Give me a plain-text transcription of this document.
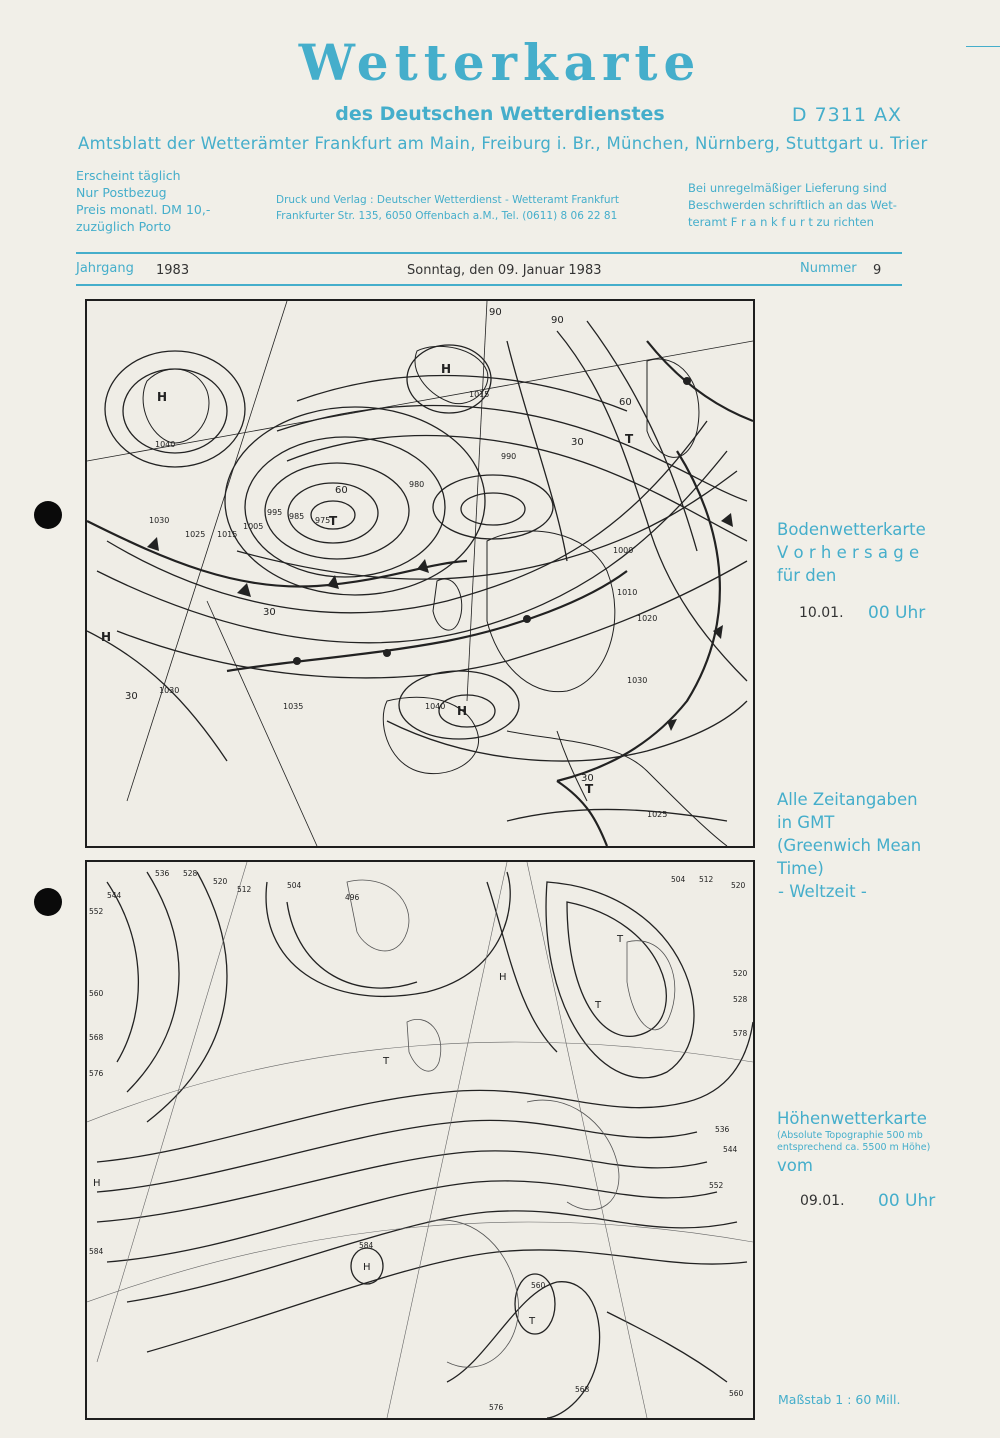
Wetterkarte
des Deutschen Wetterdienstes	D 7311 AX
Amtsblatt der Wetterämter Frankfurt am Main, Freiburg i. Br., München, Nürnberg, Stuttgart u. Trier
Erscheint täglich
Nur Postbezug
Preis monatl. DM 10,-
zuzüglich Porto
Druck und Verlag : Deutscher Wetterdienst - Wetteramt Frankfurt
Frankfurter Str. 135, 6050 Offenbach a.M., Tel. (0611) 8 06 22 81
Bei unregelmäßiger Lieferung sind
Beschwerden schriftlich an das Wet-
teramt F r a n k f u r t zu richten
Jahrgang 1983	Sonntag, den 09. Januar 1983	Nummer 9
1040
1030
1025 1015
1005
995 985 975
980
990
1000
1010
1015
1020
1030
1035	1040
1030
1025
H
H
H
H
T
T
T
60
30
30
90
60
30
90
30
536 528
520
512	504
496
544
552
560
568
576
584
584
504 512
520
520
528
536
544
552
560
568
576
560
578
H
H
H
T
T
T
T
Bodenwetterkarte
V o r h e r s a g e
für den
10.01. 00 Uhr
Alle Zeitangaben
in GMT
(Greenwich Mean
Time)
- Weltzeit -
Höhenwetterkarte
(Absolute Topographie 500 mb
entsprechend ca. 5500 m Höhe)
vom
09.01. 00 Uhr
Maßstab 1 : 60 Mill.
